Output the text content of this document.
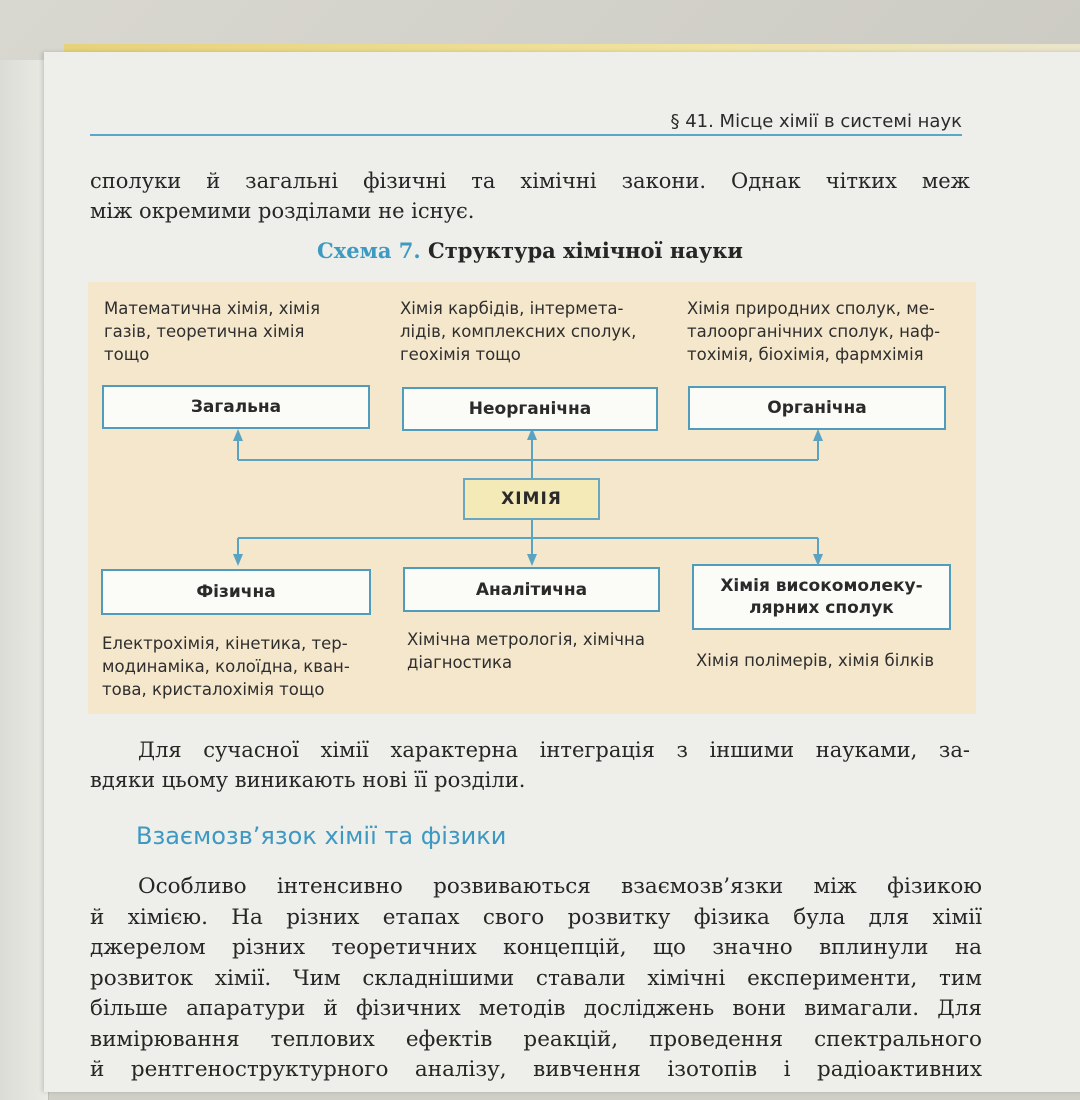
§ 41. Місце хімії в системі наук

сполуки й загальні фізичні та хімічні закони. Однак чітких меж
між окремими розділами не існує.

Схема 7. Структура хімічної науки

Математична хімія, хімія
газів, теоретична хімія
тощо

Хімія карбідів, інтермета-
лідів, комплексних сполук,
геохімія тощо

Хімія природних сполук, ме-
талоорганічних сполук, наф-
тохімія, біохімія, фармхімія

Загальна	Неорганічна	Органічна
ХІМІЯ
Фізична	Аналітична	Хімія високомолеку-
лярних сполук

Електрохімія, кінетика, тер-
модинаміка, колоїдна, кван-
това, кристалохімія тощо

Хімічна метрологія, хімічна
діагностика	Хімія полімерів, хімія білків

Для сучасної хімії характерна інтеграція з іншими науками, за-
вдяки цьому виникають нові її розділи.

Взаємозв’язок хімії та фізики

Особливо інтенсивно розвиваються взаємозв’язки між фізикою
й хімією. На різних етапах свого розвитку фізика була для хімії
джерелом різних теоретичних концепцій, що значно вплинули на
розвиток хімії. Чим складнішими ставали хімічні експерименти, тим
більше апаратури й фізичних методів досліджень вони вимагали. Для
вимірювання теплових ефектів реакцій, проведення спектрального
й рентгеноструктурного аналізу, вивчення ізотопів і радіоактивних
